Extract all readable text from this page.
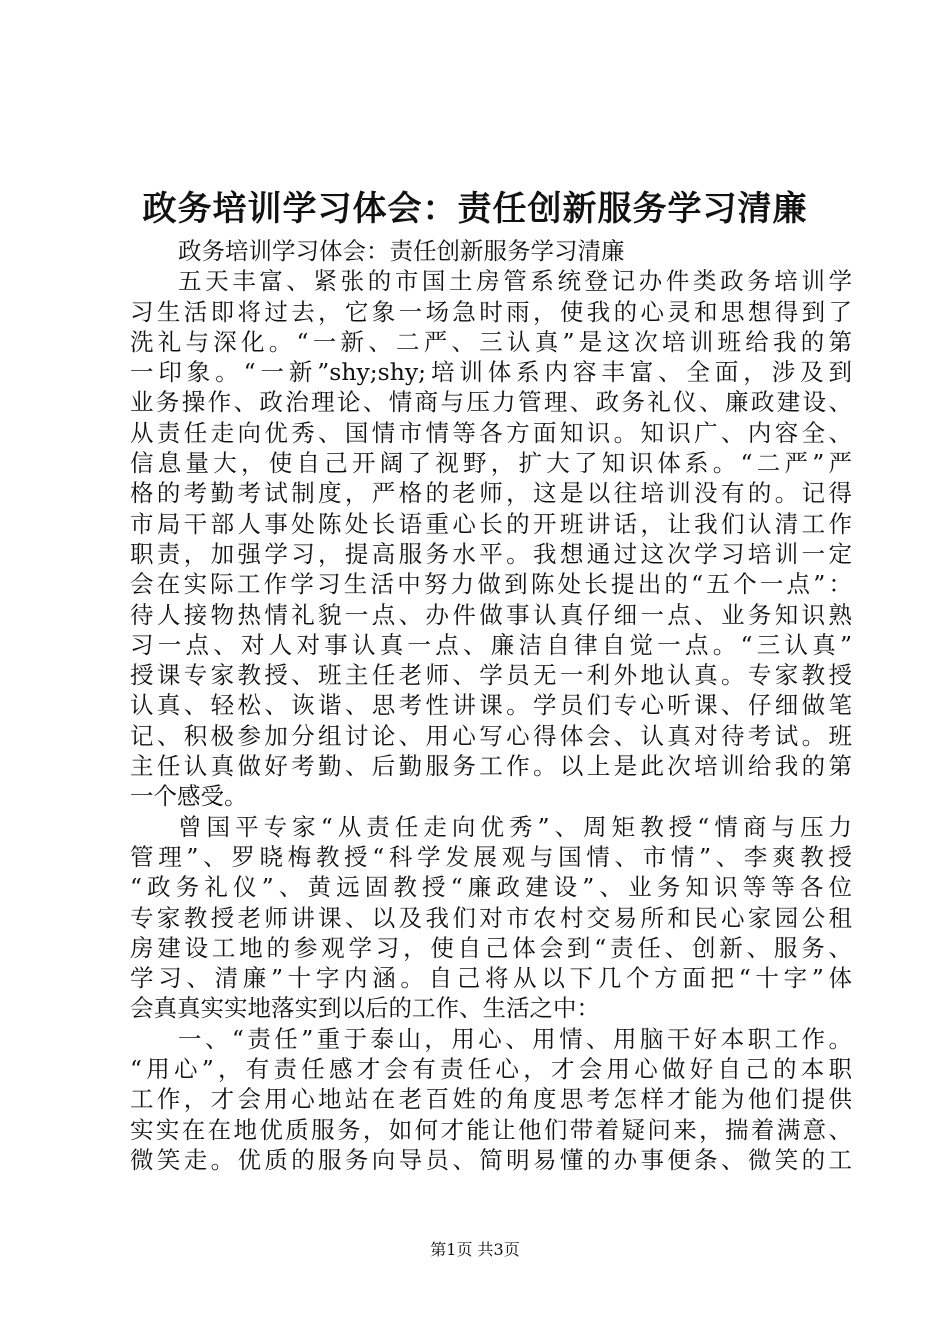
政务培训学习体会：责任创新服务学习清廉
政务培训学习体会：责任创新服务学习清廉
五天丰富、紧张的市国土房管系统登记办件类政务培训学
习生活即将过去，它象一场急时雨，使我的心灵和思想得到了
洗礼与深化。“一新、二严、三认真”是这次培训班给我的第
一印象。“一新”shy;shy;培训体系内容丰富、全面，涉及到
业务操作、政治理论、情商与压力管理、政务礼仪、廉政建设、
从责任走向优秀、国情市情等各方面知识。知识广、内容全、
信息量大，使自己开阔了视野，扩大了知识体系。“二严”严
格的考勤考试制度，严格的老师，这是以往培训没有的。记得
市局干部人事处陈处长语重心长的开班讲话，让我们认清工作
职责，加强学习，提高服务水平。我想通过这次学习培训一定
会在实际工作学习生活中努力做到陈处长提出的“五个一点”：
待人接物热情礼貌一点、办件做事认真仔细一点、业务知识熟
习一点、对人对事认真一点、廉洁自律自觉一点。“三认真”
授课专家教授、班主任老师、学员无一利外地认真。专家教授
认真、轻松、诙谐、思考性讲课。学员们专心听课、仔细做笔
记、积极参加分组讨论、用心写心得体会、认真对待考试。班
主任认真做好考勤、后勤服务工作。以上是此次培训给我的第
一个感受。
曾国平专家“从责任走向优秀”、周矩教授“情商与压力
管理”、罗晓梅教授“科学发展观与国情、市情”、李爽教授
“政务礼仪”、黄远固教授“廉政建设”、业务知识等等各位
专家教授老师讲课、以及我们对市农村交易所和民心家园公租
房建设工地的参观学习，使自己体会到“责任、创新、服务、
学习、清廉”十字内涵。自己将从以下几个方面把“十字”体
会真真实实地落实到以后的工作、生活之中：
一、“责任”重于泰山，用心、用情、用脑干好本职工作。
“用心”，有责任感才会有责任心，才会用心做好自己的本职
工作，才会用心地站在老百姓的角度思考怎样才能为他们提供
实实在在地优质服务，如何才能让他们带着疑问来，揣着满意、
微笑走。优质的服务向导员、简明易懂的办事便条、微笑的工
第1页 共3页
